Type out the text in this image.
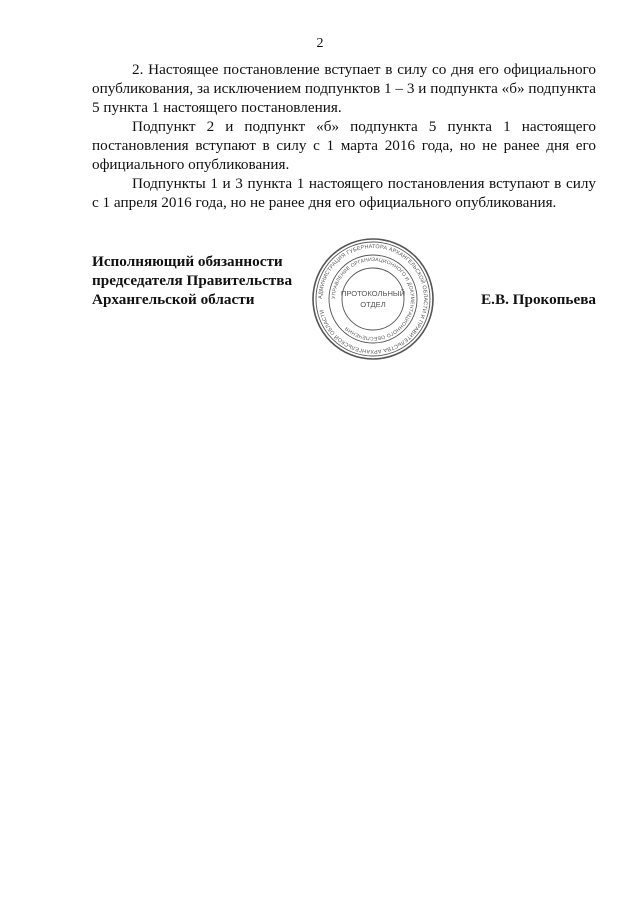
2

2. Настоящее постановление вступает в силу со дня его официального опубликования, за исключением подпунктов 1 – 3 и подпункта «б» подпункта 5 пункта 1 настоящего постановления.

Подпункт 2 и подпункт «б» подпункта 5 пункта 1 настоящего постановления вступают в силу с 1 марта 2016 года, но не ранее дня его официального опубликования.

Подпункты 1 и 3 пункта 1 настоящего постановления вступают в силу с 1 апреля 2016 года, но не ранее дня его официального опубликования.

Исполняющий обязанности
председателя Правительства
Архангельской области	АДМИНИСТРАЦИЯ ГУБЕРНАТОРА АРХАНГЕЛЬСКОЙ ОБЛАСТИ И ПРАВИТЕЛЬСТВА АРХАНГЕЛЬСКОЙ ОБЛАСТИ
УПРАВЛЕНИЕ ОРГАНИЗАЦИОННОГО И ДОКУМЕНТАЦИОННОГО ОБЕСПЕЧЕНИЯ
ПРОТОКОЛЬНЫЙ
ОТДЕЛ	Е.В. Прокопьева
